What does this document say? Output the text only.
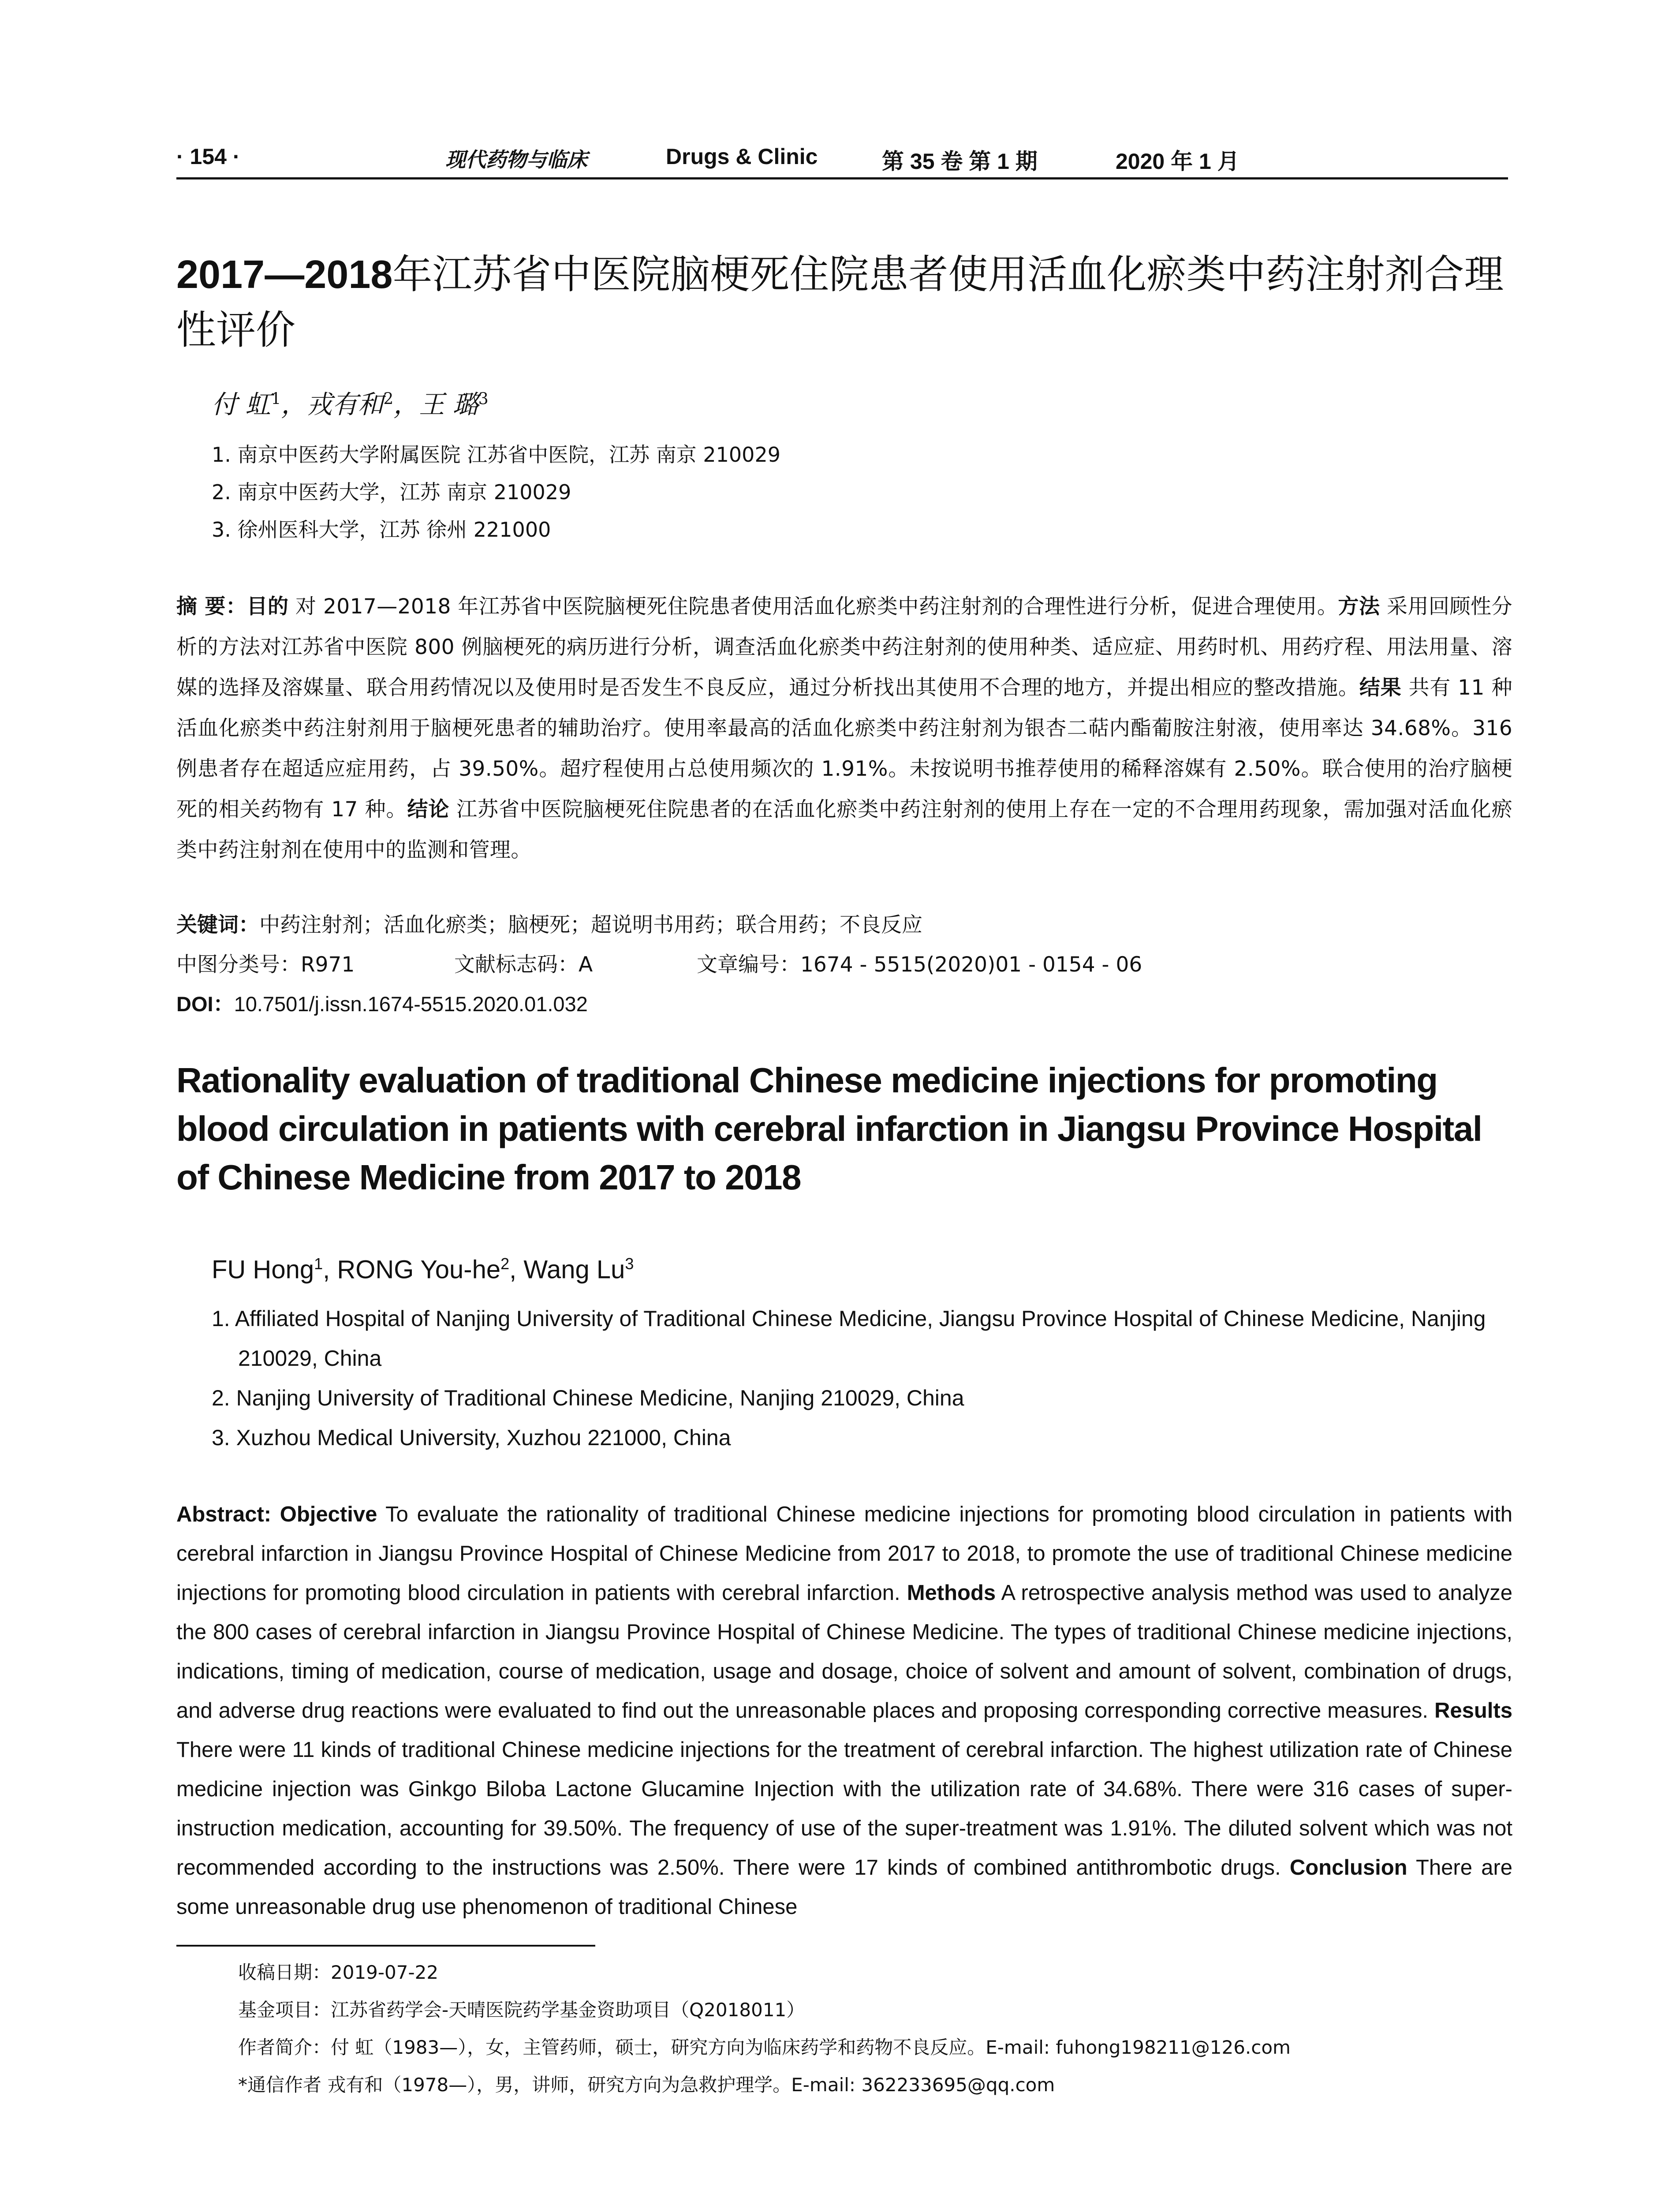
· 154 ·	现代药物与临床	Drugs & Clinic	第 35 卷 第 1 期	2020 年 1 月
2017—2018年江苏省中医院脑梗死住院患者使用活血化瘀类中药注射剂合理性评价
付 虹$^1$，戎有和$^2$，王 璐$^3$
1. 南京中医药大学附属医院 江苏省中医院，江苏 南京 210029
2. 南京中医药大学，江苏 南京 210029
3. 徐州医科大学，江苏 徐州 221000
摘 要：目的 对 2017—2018 年江苏省中医院脑梗死住院患者使用活血化瘀类中药注射剂的合理性进行分析，促进合理使用。方法 采用回顾性分析的方法对江苏省中医院 800 例脑梗死的病历进行分析，调查活血化瘀类中药注射剂的使用种类、适应症、用药时机、用药疗程、用法用量、溶媒的选择及溶媒量、联合用药情况以及使用时是否发生不良反应，通过分析找出其使用不合理的地方，并提出相应的整改措施。结果 共有 11 种活血化瘀类中药注射剂用于脑梗死患者的辅助治疗。使用率最高的活血化瘀类中药注射剂为银杏二萜内酯葡胺注射液，使用率达 34.68%。316 例患者存在超适应症用药，占 39.50%。超疗程使用占总使用频次的 1.91%。未按说明书推荐使用的稀释溶媒有 2.50%。联合使用的治疗脑梗死的相关药物有 17 种。结论 江苏省中医院脑梗死住院患者的在活血化瘀类中药注射剂的使用上存在一定的不合理用药现象，需加强对活血化瘀类中药注射剂在使用中的监测和管理。
关键词：中药注射剂；活血化瘀类；脑梗死；超说明书用药；联合用药；不良反应
中图分类号：R971	文献标志码：A	文章编号：1674 - 5515(2020)01 - 0154 - 06
DOI：10.7501/j.issn.1674-5515.2020.01.032
Rationality evaluation of traditional Chinese medicine injections for promoting blood circulation in patients with cerebral infarction in Jiangsu Province Hospital of Chinese Medicine from 2017 to 2018
FU Hong$^1$, RONG You-$he^2$, Wang Lu$^3$
1. Affiliated Hospital of Nanjing University of Traditional Chinese Medicine, Jiangsu Province Hospital of Chinese Medicine, Nanjing 210029, China
2. Nanjing University of Traditional Chinese Medicine, Nanjing 210029, China
3. Xuzhou Medical University, Xuzhou 221000, China
Abstract: Objective To evaluate the rationality of traditional Chinese medicine injections for promoting blood circulation in patients with cerebral infarction in Jiangsu Province Hospital of Chinese Medicine from 2017 to 2018, to promote the use of traditional Chinese medicine injections for promoting blood circulation in patients with cerebral infarction. Methods A retrospective analysis method was used to analyze the 800 cases of cerebral infarction in Jiangsu Province Hospital of Chinese Medicine. The types of traditional Chinese medicine injections, indications, timing of medication, course of medication, usage and dosage, choice of solvent and amount of solvent, combination of drugs, and adverse drug reactions were evaluated to find out the unreasonable places and proposing corresponding corrective measures. Results There were 11 kinds of traditional Chinese medicine injections for the treatment of cerebral infarction. The highest utilization rate of Chinese medicine injection was Ginkgo Biloba Lactone Glucamine Injection with the utilization rate of 34.68%. There were 316 cases of super-instruction medication, accounting for 39.50%. The frequency of use of the super-treatment was 1.91%. The diluted solvent which was not recommended according to the instructions was 2.50%. There were 17 kinds of combined antithrombotic drugs. Conclusion There are some unreasonable drug use phenomenon of traditional Chinese
收稿日期：2019-07-22
基金项目：江苏省药学会-天晴医院药学基金资助项目（Q2018011）
作者简介：付 虹（1983—），女，主管药师，硕士，研究方向为临床药学和药物不良反应。E-mail: fuhong198211@126.com
*通信作者 戎有和（1978—），男，讲师，研究方向为急救护理学。E-mail: 362233695@qq.com
